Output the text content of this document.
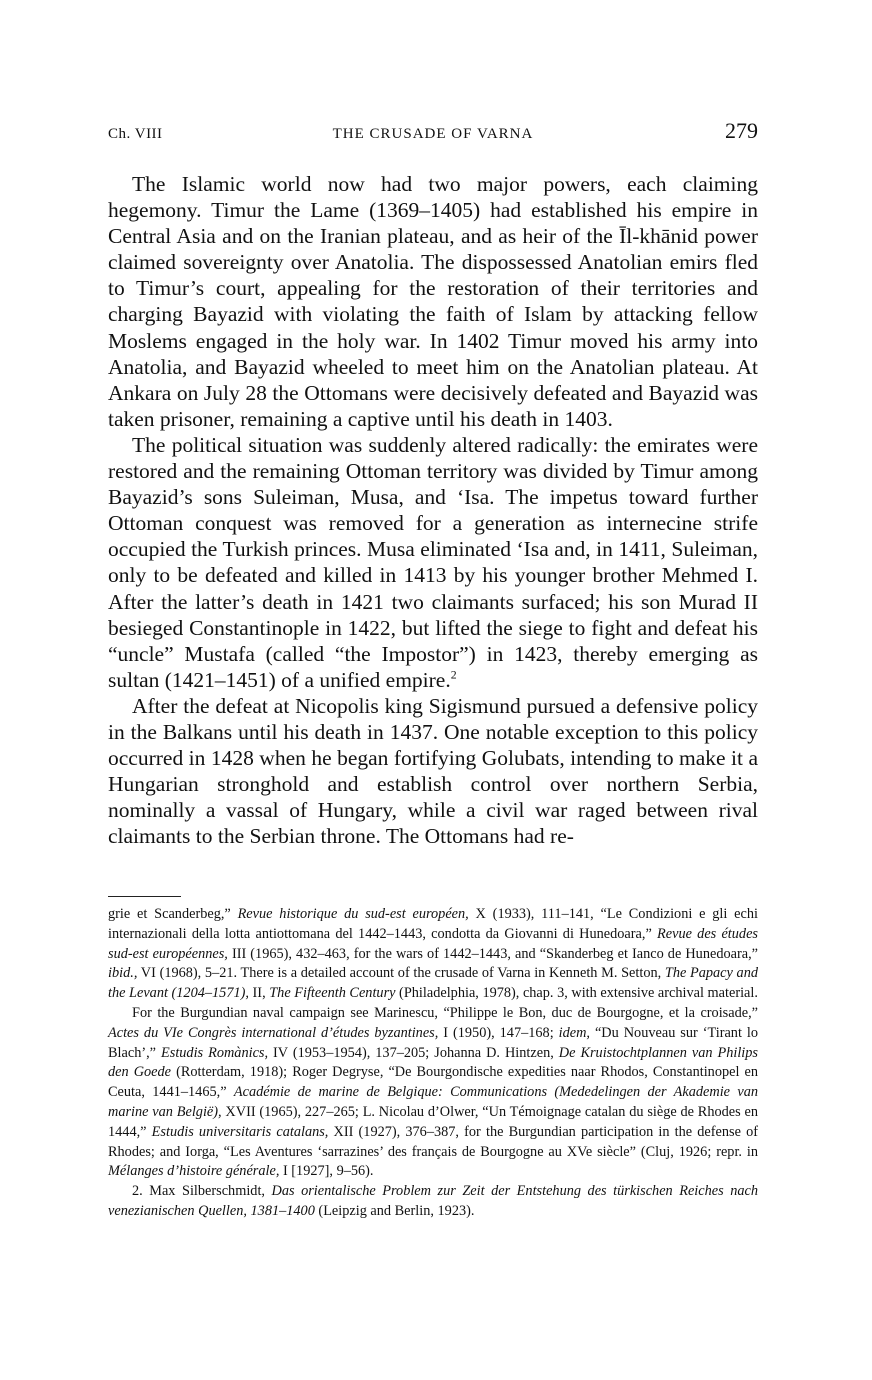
Ch. VIII	THE CRUSADE OF VARNA	279

The Islamic world now had two major powers, each claiming hegemony. Timur the Lame (1369–1405) had established his empire in Central Asia and on the Iranian plateau, and as heir of the Īl-khānid power claimed sovereignty over Anatolia. The dispossessed Anatolian emirs fled to Timur’s court, appealing for the restoration of their territories and charging Bayazid with violating the faith of Islam by attacking fellow Moslems engaged in the holy war. In 1402 Timur moved his army into Anatolia, and Bayazid wheeled to meet him on the Anatolian plateau. At Ankara on July 28 the Ottomans were decisively defeated and Bayazid was taken prisoner, remaining a captive until his death in 1403.

The political situation was suddenly altered radically: the emirates were restored and the remaining Ottoman territory was divided by Timur among Bayazid’s sons Suleiman, Musa, and ‘Isa. The impetus toward further Ottoman conquest was removed for a generation as internecine strife occupied the Turkish princes. Musa eliminated ‘Isa and, in 1411, Suleiman, only to be defeated and killed in 1413 by his younger brother Mehmed I. After the latter’s death in 1421 two claimants surfaced; his son Murad II besieged Constantinople in 1422, but lifted the siege to fight and defeat his “uncle” Mustafa (called “the Impostor”) in 1423, thereby emerging as sultan (1421–1451) of a unified empire.$^2$

After the defeat at Nicopolis king Sigismund pursued a defensive policy in the Balkans until his death in 1437. One notable exception to this policy occurred in 1428 when he began fortifying Golubats, intending to make it a Hungarian stronghold and establish control over northern Serbia, nominally a vassal of Hungary, while a civil war raged between rival claimants to the Serbian throne. The Ottomans had re-

grie et Scanderbeg,” Revue historique du sud-est européen, X (1933), 111–141, “Le Condizioni e gli echi internazionali della lotta antiottomana del 1442–1443, condotta da Giovanni di Hunedoara,” Revue des études sud-est européennes, III (1965), 432–463, for the wars of 1442–1443, and “Skanderbeg et Ianco de Hunedoara,” ibid., VI (1968), 5–21. There is a detailed account of the crusade of Varna in Kenneth M. Setton, The Papacy and the Levant (1204–1571), II, The Fifteenth Century (Philadelphia, 1978), chap. 3, with extensive archival material.

For the Burgundian naval campaign see Marinescu, “Philippe le Bon, duc de Bourgogne, et la croisade,” Actes du VIe Congrès international d’études byzantines, I (1950), 147–168; idem, “Du Nouveau sur ‘Tirant lo Blach’,” Estudis Romànics, IV (1953–1954), 137–205; Johanna D. Hintzen, De Kruistochtplannen van Philips den Goede (Rotterdam, 1918); Roger Degryse, “De Bourgondische expedities naar Rhodos, Constantinopel en Ceuta, 1441–1465,” Académie de marine de Belgique: Communications (Mededelingen der Akademie van marine van België), XVII (1965), 227–265; L. Nicolau d’Olwer, “Un Témoignage catalan du siège de Rhodes en 1444,” Estudis universitaris catalans, XII (1927), 376–387, for the Burgundian participation in the defense of Rhodes; and Iorga, “Les Aventures ‘sarrazines’ des français de Bourgogne au XVe siècle” (Cluj, 1926; repr. in Mélanges d’histoire générale, I [1927], 9–56).

2. Max Silberschmidt, Das orientalische Problem zur Zeit der Entstehung des türkischen Reiches nach venezianischen Quellen, 1381–1400 (Leipzig and Berlin, 1923).
